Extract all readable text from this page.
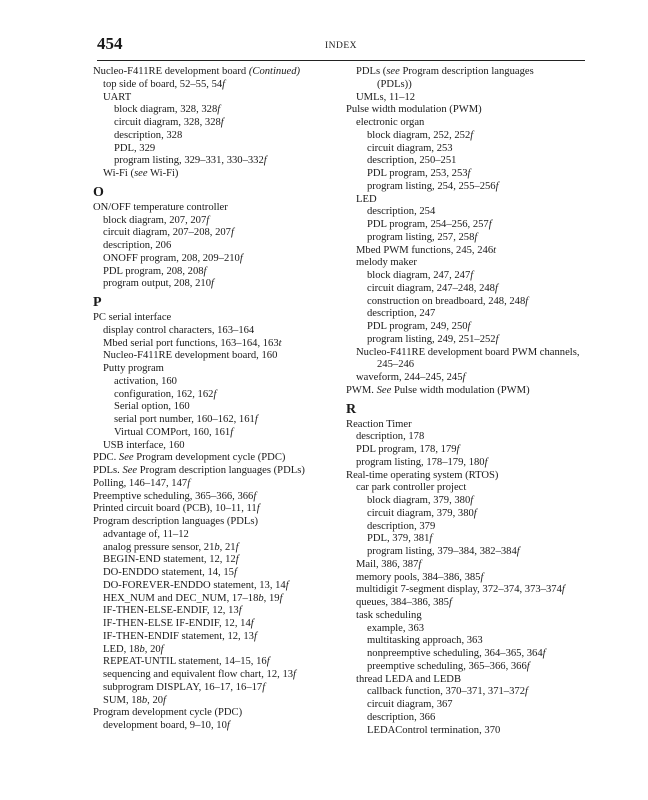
454	INDEX
Nucleo-F411RE development board (Continued)
top side of board, 52–55, 54f
UART
block diagram, 328, 328f
circuit diagram, 328, 328f
description, 328
PDL, 329
program listing, 329–331, 330–332f
Wi-Fi (see Wi-Fi)
O
ON/OFF temperature controller
block diagram, 207, 207f
circuit diagram, 207–208, 207f
description, 206
ONOFF program, 208, 209–210f
PDL program, 208, 208f
program output, 208, 210f
P
PC serial interface
display control characters, 163–164
Mbed serial port functions, 163–164, 163t
Nucleo-F411RE development board, 160
Putty program
activation, 160
configuration, 162, 162f
Serial option, 160
serial port number, 160–162, 161f
Virtual COMPort, 160, 161f
USB interface, 160
PDC. See Program development cycle (PDC)
PDLs. See Program description languages (PDLs)
Polling, 146–147, 147f
Preemptive scheduling, 365–366, 366f
Printed circuit board (PCB), 10–11, 11f
Program description languages (PDLs)
advantage of, 11–12
analog pressure sensor, 21b, 21f
BEGIN-END statement, 12, 12f
DO-ENDDO statement, 14, 15f
DO-FOREVER-ENDDO statement, 13, 14f
HEX_NUM and DEC_NUM, 17–18b, 19f
IF-THEN-ELSE-ENDIF, 12, 13f
IF-THEN-ELSE IF-ENDIF, 12, 14f
IF-THEN-ENDIF statement, 12, 13f
LED, 18b, 20f
REPEAT-UNTIL statement, 14–15, 16f
sequencing and equivalent flow chart, 12, 13f
subprogram DISPLAY, 16–17, 16–17f
SUM, 18b, 20f
Program development cycle (PDC)
development board, 9–10, 10f
PDLs (see Program description languages
(PDLs))
UMLs, 11–12
Pulse width modulation (PWM)
electronic organ
block diagram, 252, 252f
circuit diagram, 253
description, 250–251
PDL program, 253, 253f
program listing, 254, 255–256f
LED
description, 254
PDL program, 254–256, 257f
program listing, 257, 258f
Mbed PWM functions, 245, 246t
melody maker
block diagram, 247, 247f
circuit diagram, 247–248, 248f
construction on breadboard, 248, 248f
description, 247
PDL program, 249, 250f
program listing, 249, 251–252f
Nucleo-F411RE development board PWM channels,
245–246
waveform, 244–245, 245f
PWM. See Pulse width modulation (PWM)
R
Reaction Timer
description, 178
PDL program, 178, 179f
program listing, 178–179, 180f
Real-time operating system (RTOS)
car park controller project
block diagram, 379, 380f
circuit diagram, 379, 380f
description, 379
PDL, 379, 381f
program listing, 379–384, 382–384f
Mail, 386, 387f
memory pools, 384–386, 385f
multidigit 7-segment display, 372–374, 373–374f
queues, 384–386, 385f
task scheduling
example, 363
multitasking approach, 363
nonpreemptive scheduling, 364–365, 364f
preemptive scheduling, 365–366, 366f
thread LEDA and LEDB
callback function, 370–371, 371–372f
circuit diagram, 367
description, 366
LEDAControl termination, 370
